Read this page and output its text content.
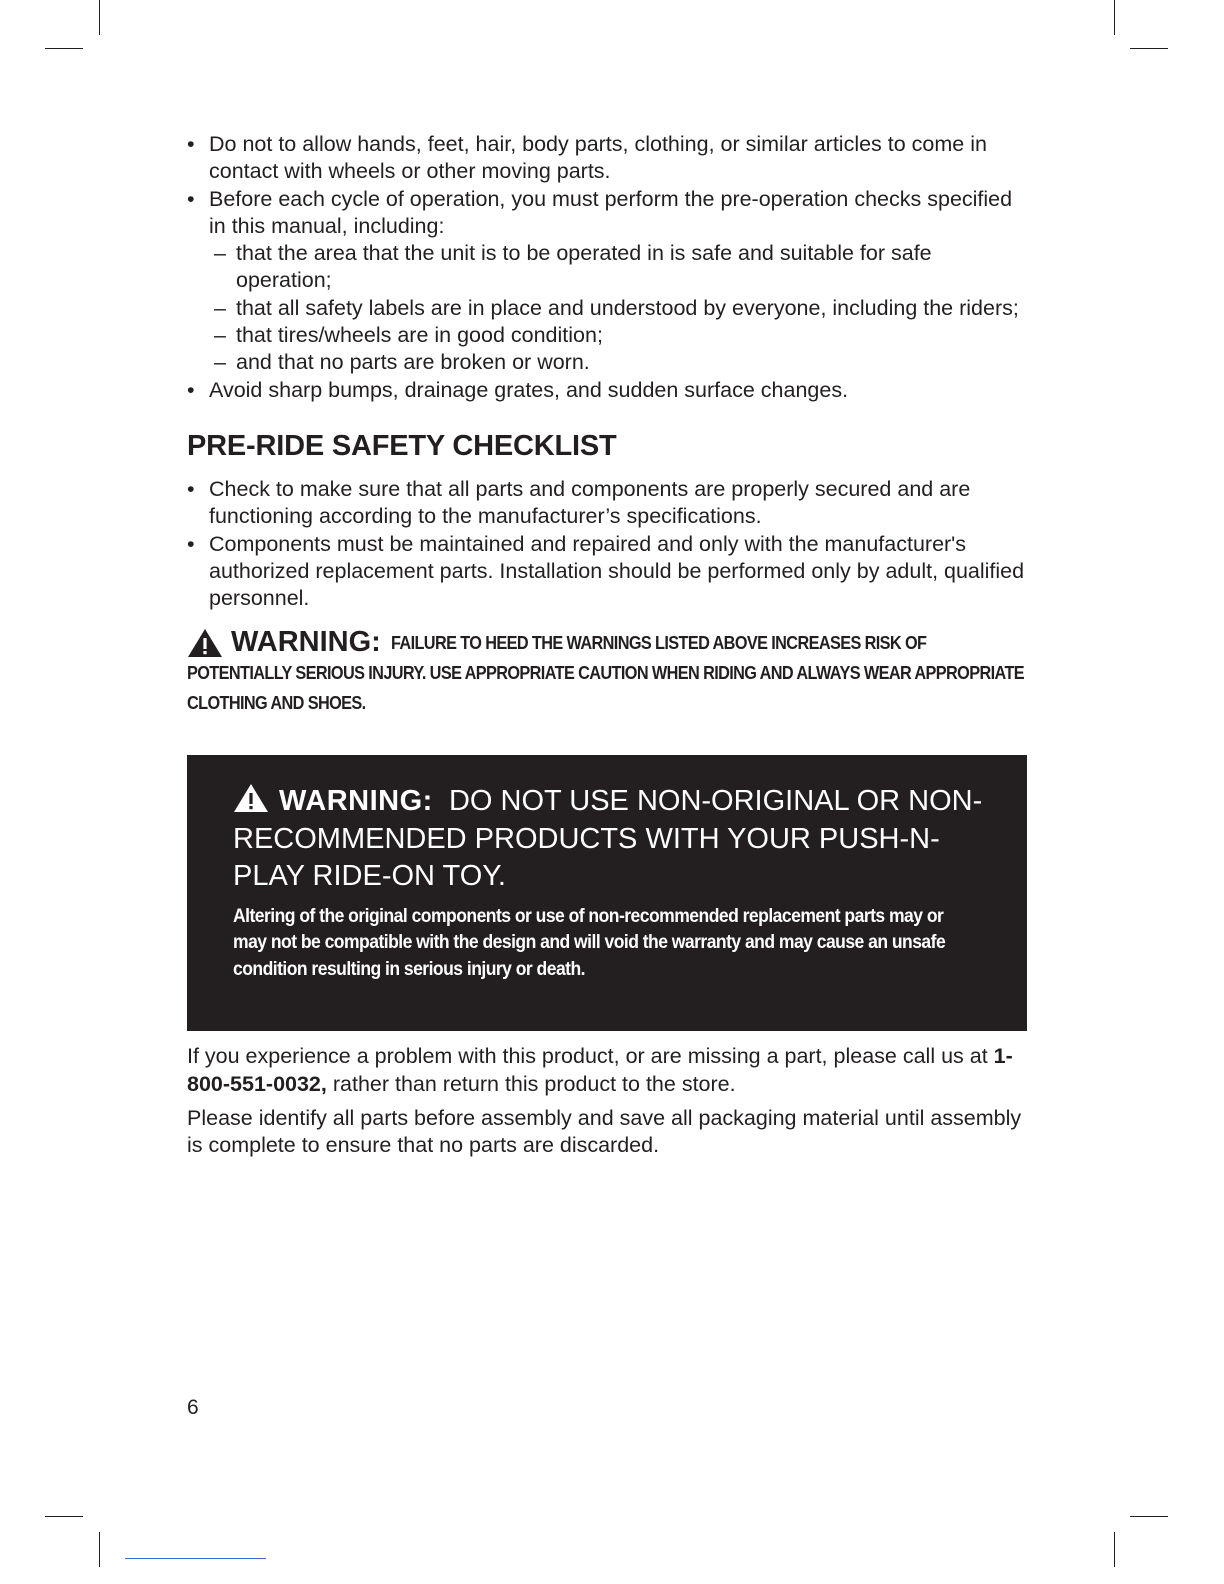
• Do not to allow hands, feet, hair, body parts, clothing, or similar articles to come in contact with wheels or other moving parts.
• Before each cycle of operation, you must perform the pre-operation checks specified in this manual, including:
– that the area that the unit is to be operated in is safe and suitable for safe operation;
– that all safety labels are in place and understood by everyone, including the riders;
– that tires/wheels are in good condition;
– and that no parts are broken or worn.
• Avoid sharp bumps, drainage grates, and sudden surface changes.
PRE-RIDE SAFETY CHECKLIST
• Check to make sure that all parts and components are properly secured and are functioning according to the manufacturer’s specifications.
• Components must be maintained and repaired and only with the manufacturer's authorized replacement parts. Installation should be performed only by adult, qualified personnel.
WARNING: FAILURE TO HEED THE WARNINGS LISTED ABOVE INCREASES RISK OF
POTENTIALLY SERIOUS INJURY. USE APPROPRIATE CAUTION WHEN RIDING AND ALWAYS WEAR APPROPRIATE CLOTHING AND SHOES.
WARNING: DO NOT USE NON-ORIGINAL OR NON-RECOMMENDED PRODUCTS WITH YOUR PUSH-N-PLAY RIDE-ON TOY.
Altering of the original components or use of non-recommended replacement parts may or may not be compatible with the design and will void the warranty and may cause an unsafe condition resulting in serious injury or death.

If you experience a problem with this product, or are missing a part, please call us at 1-800-551-0032, rather than return this product to the store.

Please identify all parts before assembly and save all packaging material until assembly is complete to ensure that no parts are discarded.

6
